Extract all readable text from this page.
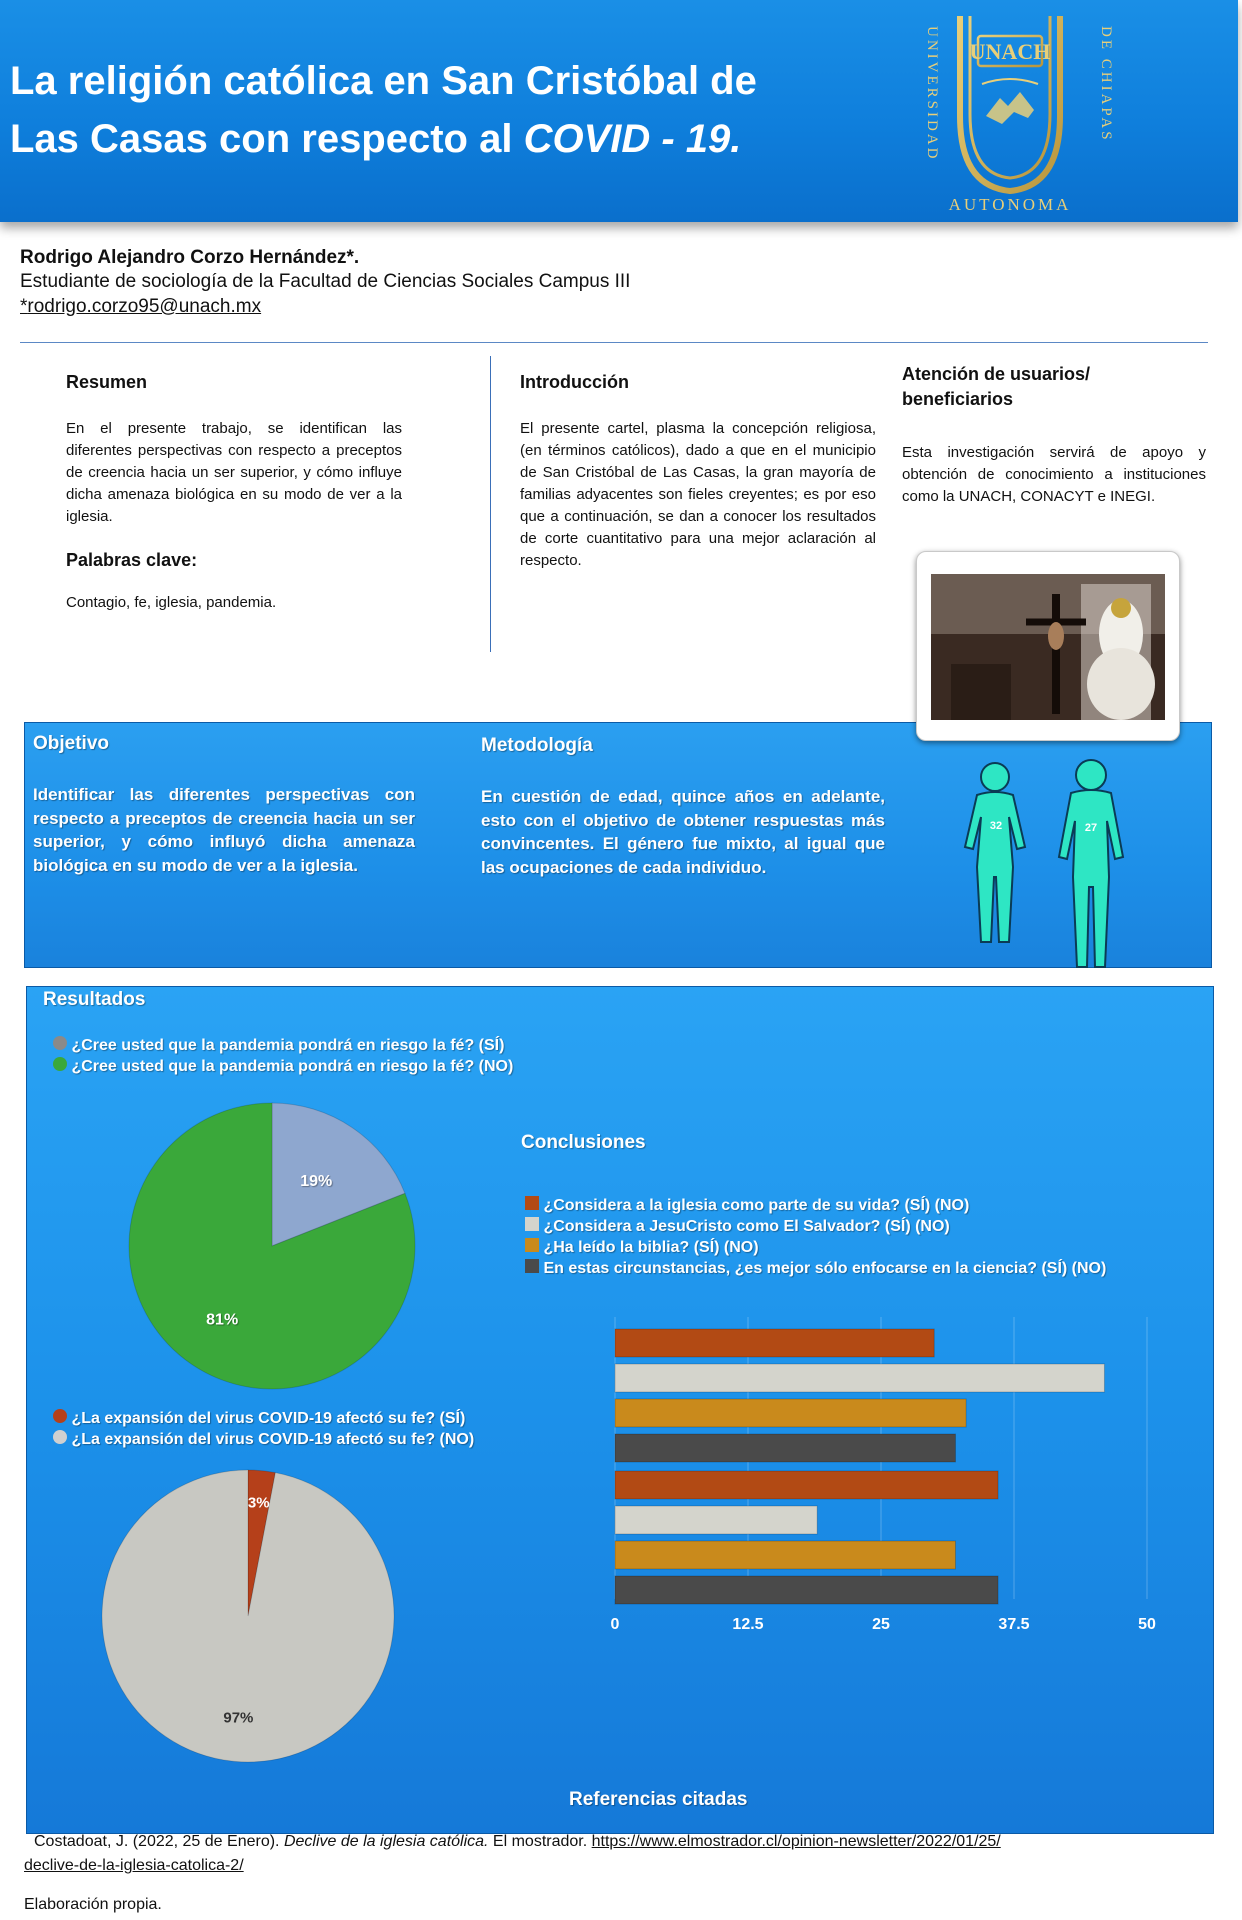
La religión católica en San Cristóbal de
Las Casas con respecto al COVID - 19.
UNACH
AUTONOMA
UNIVERSIDAD	DE CHIAPAS
Rodrigo Alejandro Corzo Hernández*.
Estudiante de sociología de la Facultad de Ciencias Sociales Campus III
*rodrigo.corzo95@unach.mx
Resumen
En el presente trabajo, se identifican las diferentes perspectivas con respecto a preceptos de creencia hacia un ser superior, y cómo influye dicha amenaza biológica en su modo de ver a la iglesia.
Palabras clave:
Contagio, fe, iglesia, pandemia.
Introducción
El presente cartel, plasma la concepción religiosa, (en términos católicos), dado a que en el municipio de San Cristóbal de Las Casas, la gran mayoría de familias adyacentes son fieles creyentes; es por eso que a continuación, se dan a conocer los resultados de corte cuantitativo para una mejor aclaración al respecto.
Atención de usuarios/ beneficiarios
Esta investigación servirá de apoyo y obtención de conocimiento a instituciones como la UNACH, CONACYT e INEGI.
Objetivo
Identificar las diferentes perspectivas con respecto a preceptos de creencia hacia un ser superior, y cómo influyó dicha amenaza biológica en su modo de ver a la iglesia.
Metodología
En cuestión de edad, quince años en adelante, esto con el objetivo de obtener respuestas más convincentes. El género fue mixto, al igual que las ocupaciones de cada individuo.
32	27
Resultados
¿Cree usted que la pandemia pondrá en riesgo la fé? (SÍ)
¿Cree usted que la pandemia pondrá en riesgo la fé? (NO)
19%
81%
¿La expansión del virus COVID-19 afectó su fe? (SÍ)
¿La expansión del virus COVID-19 afectó su fe? (NO)
3%
97%
Conclusiones
¿Considera a la iglesia como parte de su vida? (SÍ) (NO)
¿Considera a JesuCristo como El Salvador? (SÍ) (NO)
¿Ha leído la biblia? (SÍ) (NO)
En estas circunstancias, ¿es mejor sólo enfocarse en la ciencia? (SÍ) (NO)
0	12.5	25	37.5	50
Referencias citadas
Costadoat, J. (2022, 25 de Enero). Declive de la iglesia católica. El mostrador. https://www.elmostrador.cl/opinion-newsletter/2022/01/25/
declive-de-la-iglesia-catolica-2/
Elaboración propia.
